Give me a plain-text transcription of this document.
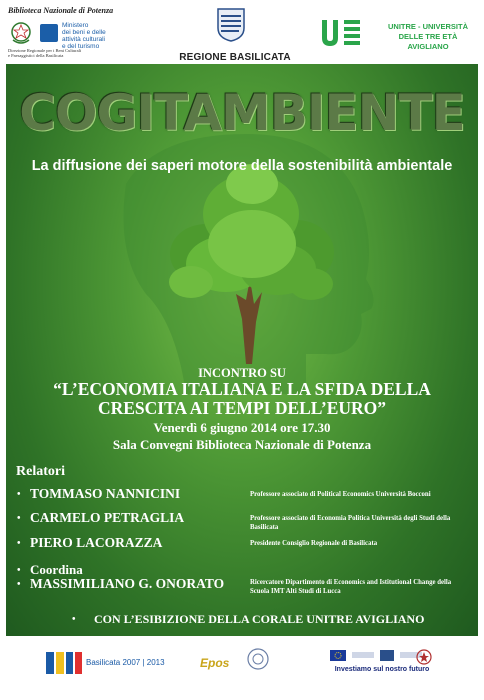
Biblioteca Nazionale di Potenza
Ministero
dei beni e delle
attività culturali
e del turismo
Direzione Regionale per i Beni Culturali
e Paesaggistici della Basilicata	REGIONE BASILICATA
UNITRE - UNIVERSITÀ DELLE TRE ETÀ AVIGLIANO
COGITAMBIENTE
La diffusione dei saperi motore della sostenibilità ambientale
INCONTRO SU
“L’ECONOMIA ITALIANA E LA SFIDA DELLA CRESCITA AI TEMPI DELL’EURO”
Venerdì 6 giugno 2014 ore 17.30
Sala Convegni Biblioteca Nazionale di Potenza
Relatori
• TOMMASO NANNICINI	Professore associato di Political Economics Università Bocconi
• CARMELO PETRAGLIA	Professore associato di Economia Politica Università degli Studi della Basilicata
• PIERO LACORAZZA	Presidente Consiglio Regionale di Basilicata
• Coordina
• MASSIMILIANO G. ONORATO	Ricercatore Dipartimento di Economics and Istitutional Change della Scuola IMT Alti Studi di Lucca
• CON L’ESIBIZIONE DELLA CORALE UNITRE AVIGLIANO
Basilicata 2007 | 2013	Epos	Investiamo sul nostro futuro
